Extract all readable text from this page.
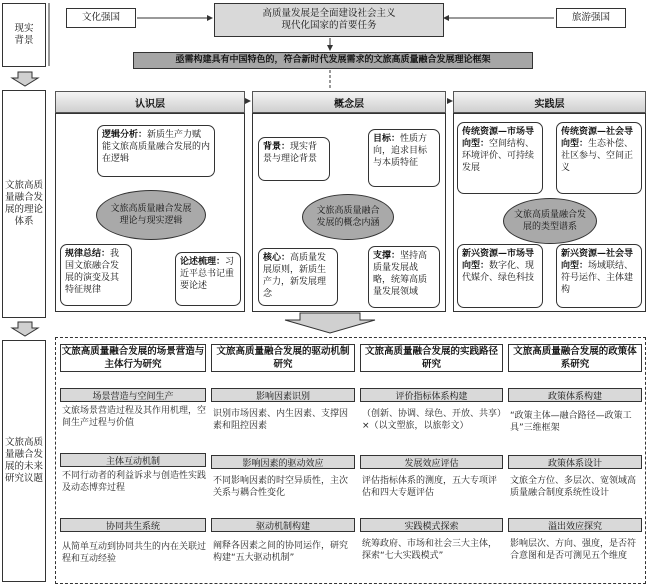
现实背景
文旅高质量融合发展的理论体系
文旅高质量融合发展的未来研究议题
文化强国	旅游强国
高质量发展是全面建设社会主义
现代化国家的首要任务
亟需构建具有中国特色的，符合新时代发展需求的文旅高质量融合发展理论框架
认识层	概念层	实践层
逻辑分析：新质生产力赋能文旅高质量融合发展的内在逻辑
文旅高质量融合发展理论与现实逻辑
规律总结：我国文旅融合发展的演变及其特征规律
论述梳理：习近平总书记重要论述
背景：现实背景与理论背景
目标：性质方向，追求目标与本质特征
文旅高质量融合发展的概念内涵
核心：高质量发展原则，新质生产力，新发展理念
支撑：坚持高质量发展战略，统筹高质量发展领域
传统资源—市场导向型：空间结构、环境评价、可持续发展
传统资源—社会导向型：生态补偿、社区参与、空间正义
文旅高质量融合发展的类型谱系
新兴资源—市场导向型：数字化、现代媒介、绿色科技
新兴资源—社会导向型：场域联结、符号运作、主体建构
文旅高质量融合发展的场景营造与主体行为研究
场景营造与空间生产
文旅场景营造过程及其作用机理，空间生产过程与价值
主体互动机制
不同行动者的利益诉求与创造性实践及动态博弈过程
协同共生系统
从简单互动到协同共生的内在关联过程和互动经验
文旅高质量融合发展的驱动机制研究
影响因素识别
识别市场因素、内生因素、支撑因素和阻控因素
影响因素的驱动效应
不同影响因素的时空异质性，主次关系与耦合性变化
驱动机制构建
阐释各因素之间的协同运作，研究构建“五大驱动机制”
文旅高质量融合发展的实践路径研究
评价指标体系构建
（创新、协调、绿色、开放、共享）×（以文塑旅，以旅彰文）
发展效应评估
评估指标体系的测度，五大专项评估和四大专题评估
实践模式探索
统筹政府、市场和社会三大主体，探索“七大实践模式”
文旅高质量融合发展的政策体系研究
政策体系构建
“政策主体—融合路径—政策工具”三维框架
政策体系设计
文旅全方位、多层次、宽领域高质量融合制度系统性设计
溢出效应探究
影响层次、方向、强度，是否符合意图和是否可测见五个维度
